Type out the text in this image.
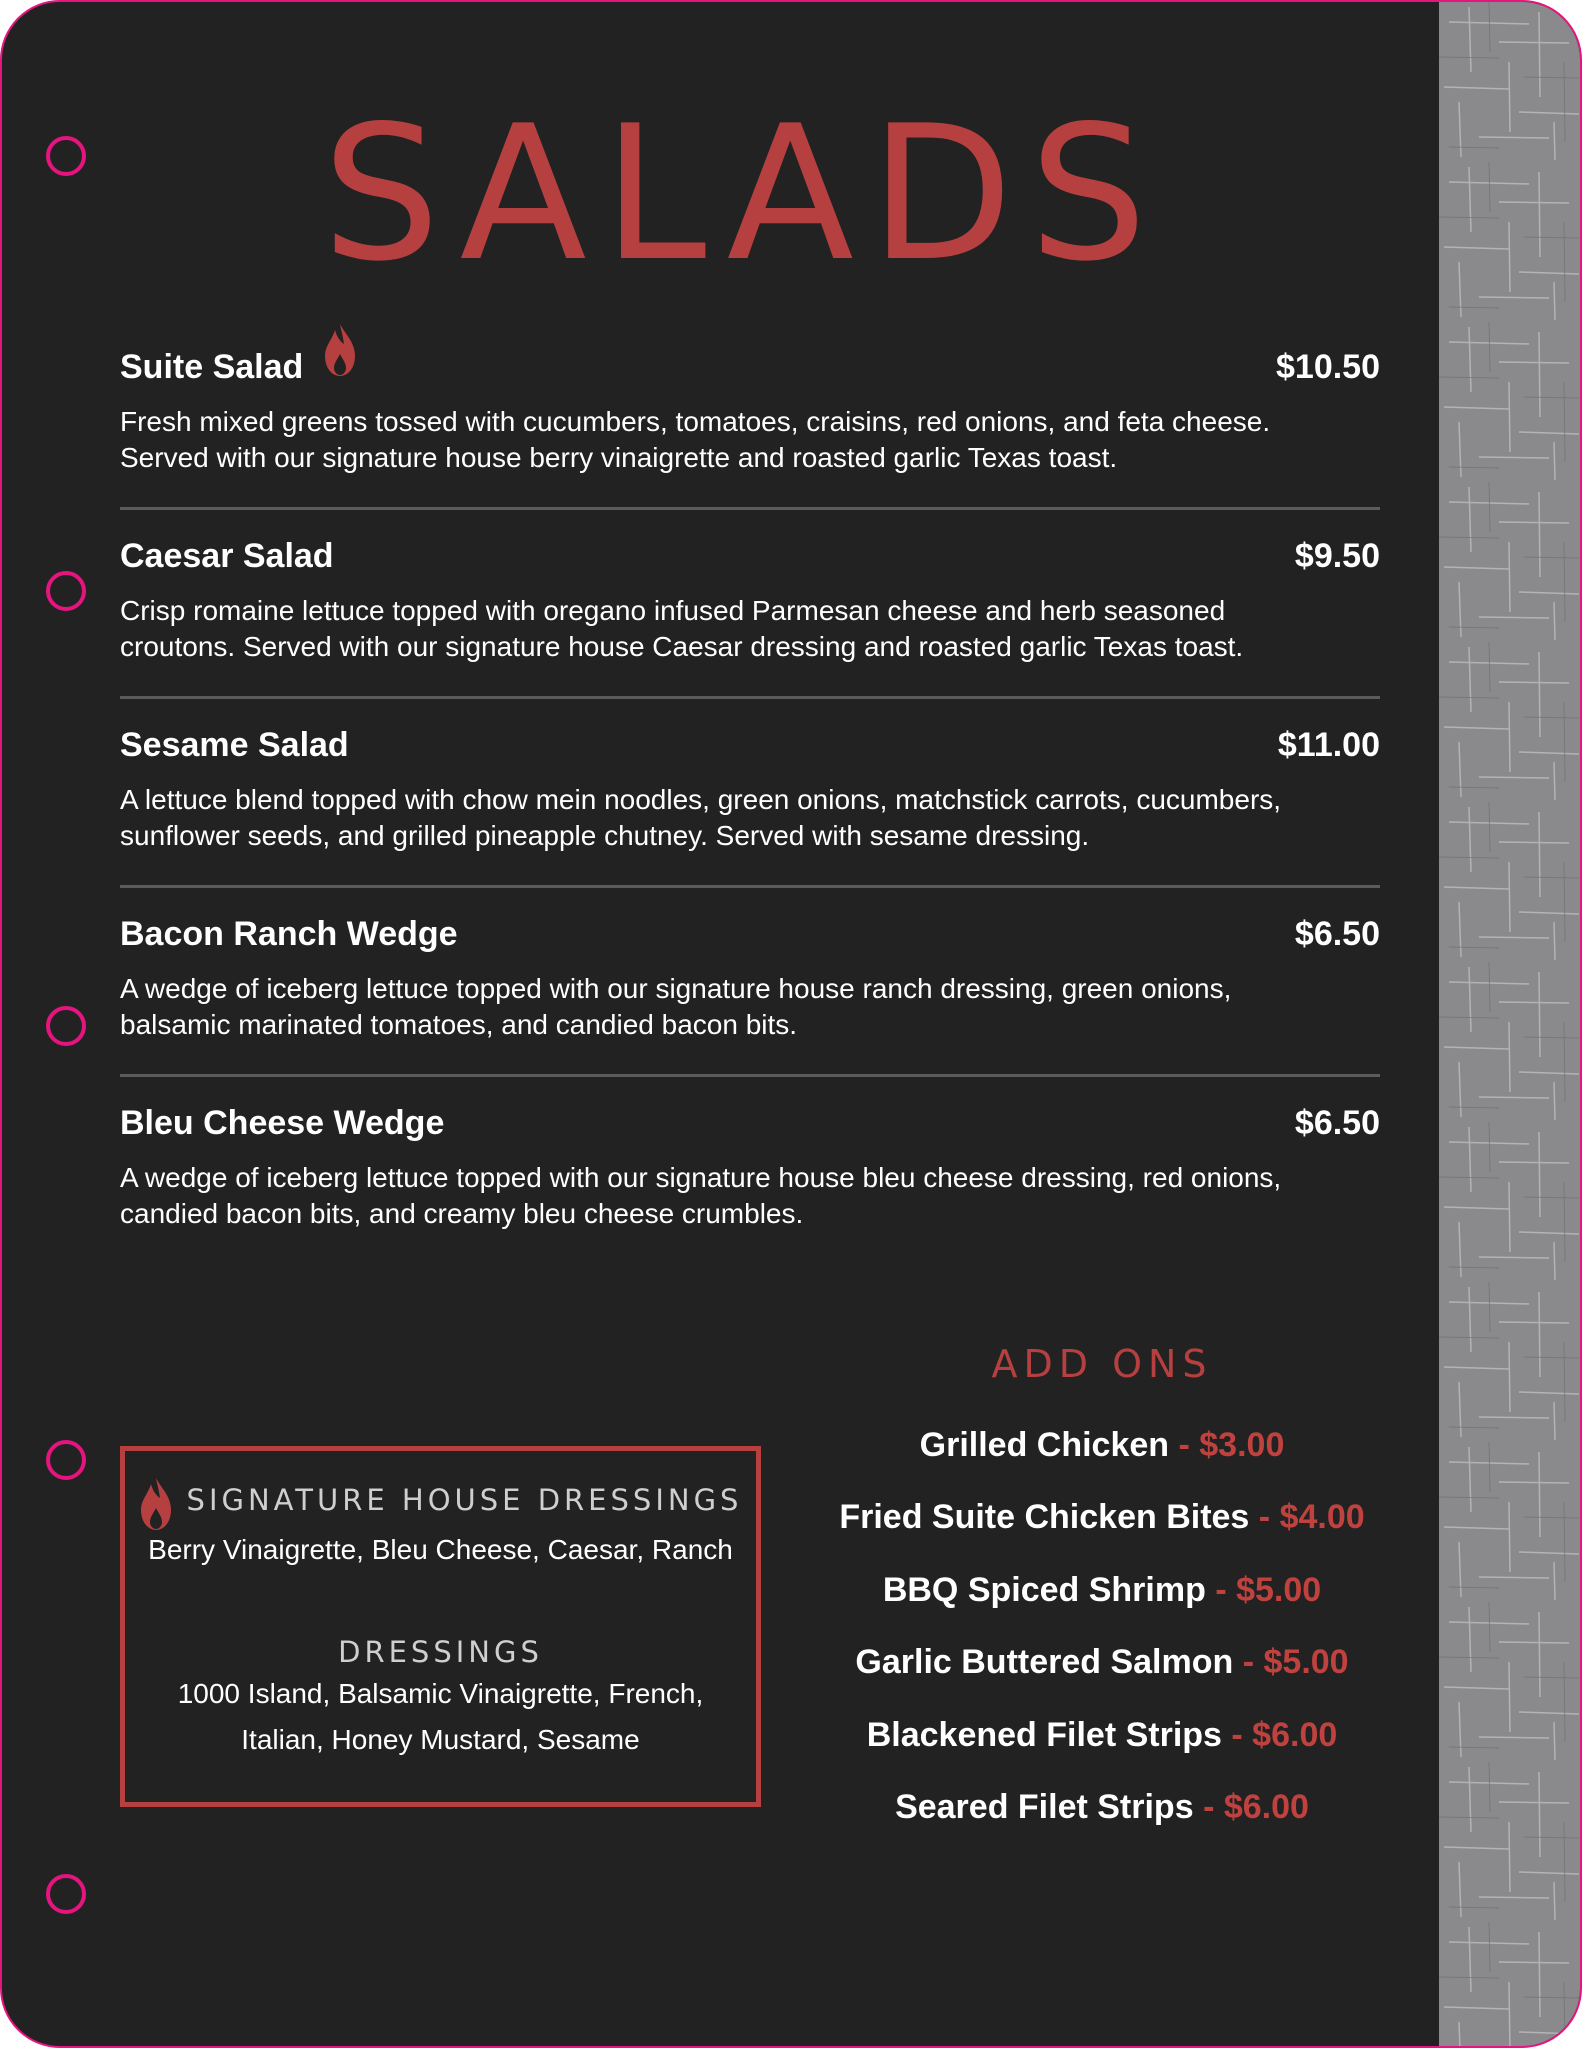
SALADS
Suite Salad	$10.50
Fresh mixed greens tossed with cucumbers, tomatoes, craisins, red onions, and feta cheese.
Served with our signature house berry vinaigrette and roasted garlic Texas toast.
Caesar Salad	$9.50
Crisp romaine lettuce topped with oregano infused Parmesan cheese and herb seasoned
croutons. Served with our signature house Caesar dressing and roasted garlic Texas toast.
Sesame Salad	$11.00
A lettuce blend topped with chow mein noodles, green onions, matchstick carrots, cucumbers,
sunflower seeds, and grilled pineapple chutney. Served with sesame dressing.
Bacon Ranch Wedge	$6.50
A wedge of iceberg lettuce topped with our signature house ranch dressing, green onions,
balsamic marinated tomatoes, and candied bacon bits.
Bleu Cheese Wedge	$6.50
A wedge of iceberg lettuce topped with our signature house bleu cheese dressing, red onions,
candied bacon bits, and creamy bleu cheese crumbles.
SIGNATURE HOUSE DRESSINGS
Berry Vinaigrette, Bleu Cheese, Caesar, Ranch
DRESSINGS
1000 Island, Balsamic Vinaigrette, French,
Italian, Honey Mustard, Sesame
ADD ONS
Grilled Chicken - $3.00
Fried Suite Chicken Bites - $4.00
BBQ Spiced Shrimp - $5.00
Garlic Buttered Salmon - $5.00
Blackened Filet Strips - $6.00
Seared Filet Strips - $6.00
